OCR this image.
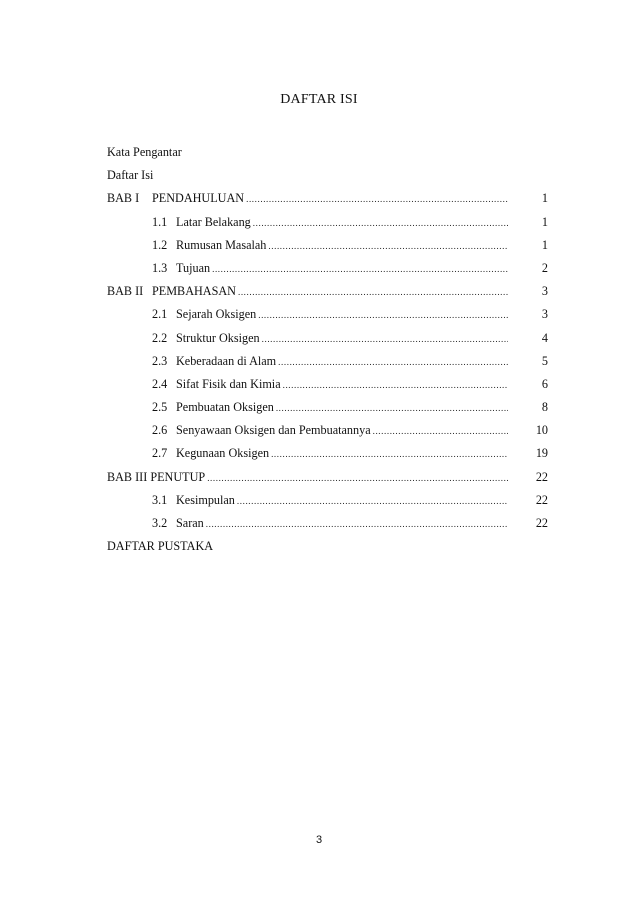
DAFTAR ISI
Kata Pengantar
Daftar Isi
BAB I	PENDAHULUAN .....	1
1.1 Latar Belakang .....	1
1.2 Rumusan Masalah .....	1
1.3 Tujuan .....	2
BAB II PEMBAHASAN .....	3
2.1 Sejarah Oksigen .....	3
2.2 Struktur Oksigen .....	4
2.3 Keberadaan di Alam .....	5
2.4 Sifat Fisik dan Kimia .....	6
2.5 Pembuatan Oksigen .....	8
2.6 Senyawaan Oksigen dan Pembuatannya .....	10
2.7 Kegunaan Oksigen .....	19
BAB III PENUTUP .....	22
3.1 Kesimpulan .....	22
3.2 Saran .....	22
DAFTAR PUSTAKA
3
